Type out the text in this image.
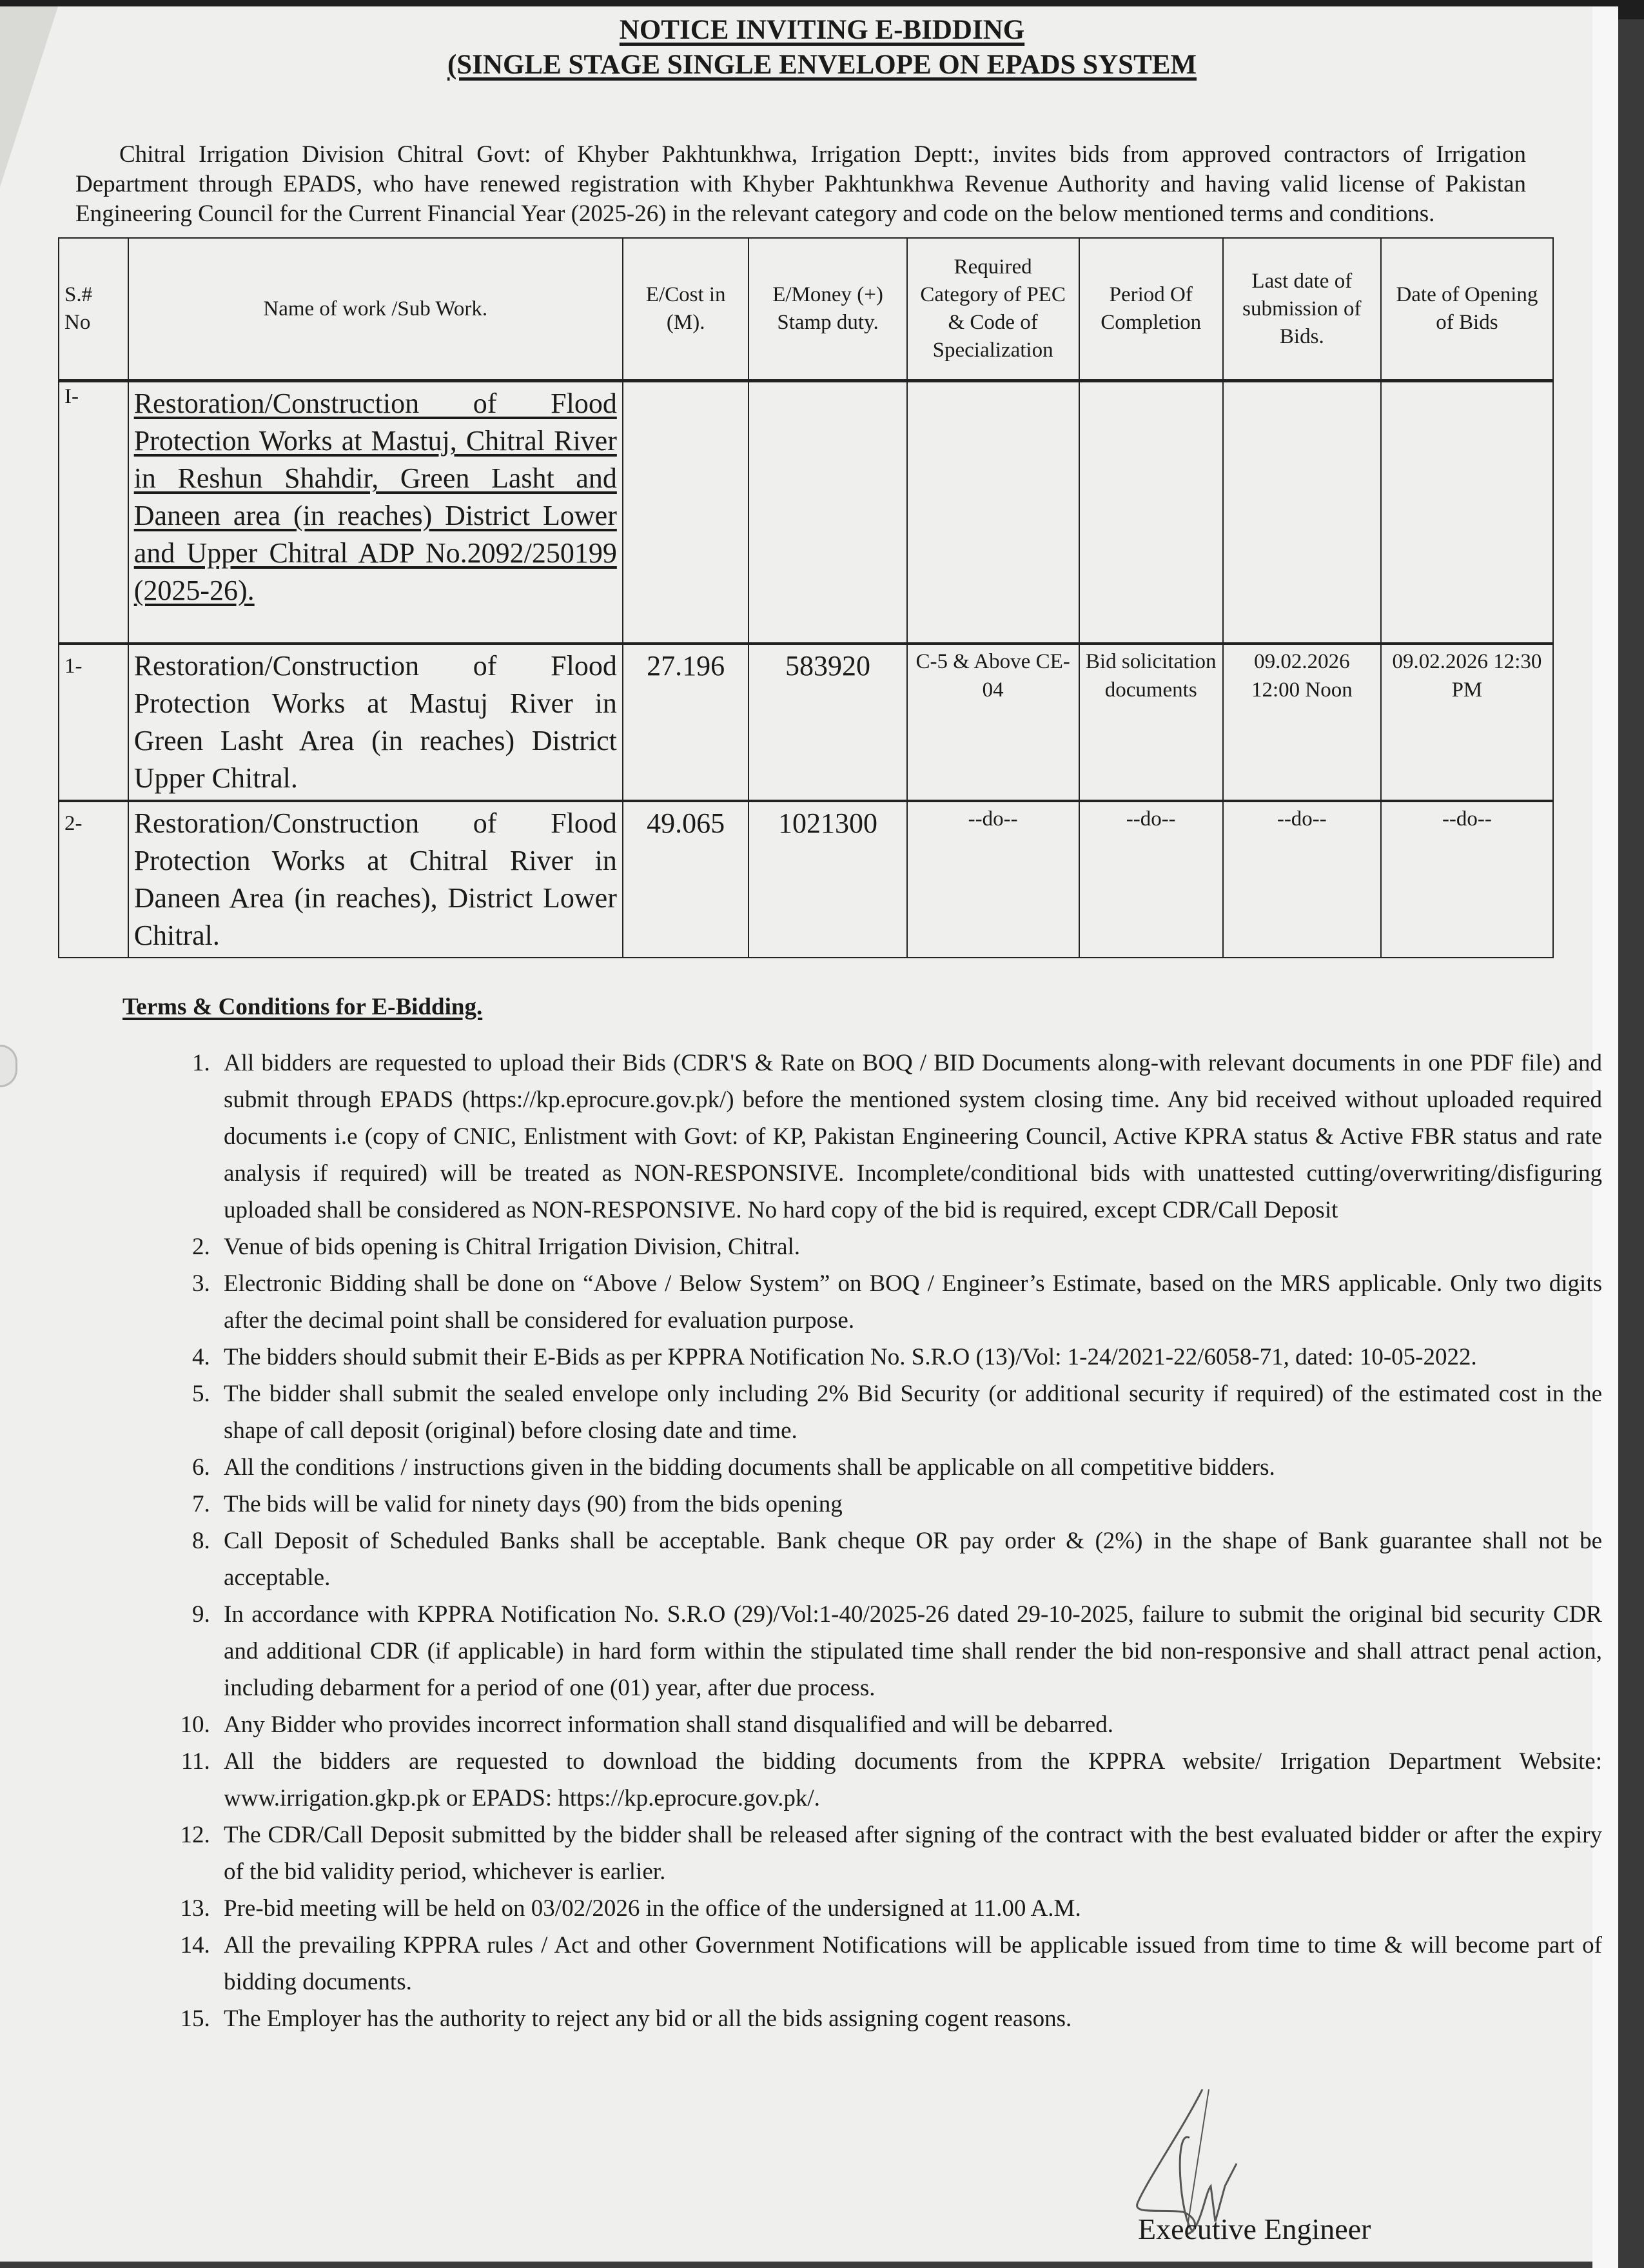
NOTICE INVITING E-BIDDING
(SINGLE STAGE SINGLE ENVELOPE ON EPADS SYSTEM

Chitral Irrigation Division Chitral Govt: of Khyber Pakhtunkhwa, Irrigation Deptt:, invites bids from approved contractors of Irrigation Department through EPADS, who have renewed registration with Khyber Pakhtunkhwa Revenue Authority and having valid license of Pakistan Engineering Council for the Current Financial Year (2025-26) in the relevant category and code on the below mentioned terms and conditions.

S.# No	Name of work /Sub Work.	E/Cost in (M).	E/Money (+) Stamp duty.	Required Category of PEC & Code of Specialization	Period Of Completion	Last date of submission of Bids.	Date of Opening of Bids
I-	Restoration/Construction of Flood Protection Works at Mastuj, Chitral River in Reshun Shahdir, Green Lasht and Daneen area (in reaches) District Lower and Upper Chitral ADP No.2092/250199 (2025-26).						
1-	Restoration/Construction of Flood Protection Works at Mastuj River in Green Lasht Area (in reaches) District Upper Chitral.	27.196	583920	C-5 & Above CE-04	Bid solicitation documents	09.02.2026 12:00 Noon	09.02.2026 12:30 PM
2-	Restoration/Construction of Flood Protection Works at Chitral River in Daneen Area (in reaches), District Lower Chitral.	49.065	1021300	--do--	--do--	--do--	--do--
Terms & Conditions for E-Bidding.
1. All bidders are requested to upload their Bids (CDR'S & Rate on BOQ / BID Documents along-with relevant documents in one PDF file) and submit through EPADS (https://kp.eprocure.gov.pk/) before the mentioned system closing time. Any bid received without uploaded required documents i.e (copy of CNIC, Enlistment with Govt: of KP, Pakistan Engineering Council, Active KPRA status & Active FBR status and rate analysis if required) will be treated as NON-RESPONSIVE. Incomplete/conditional bids with unattested cutting/overwriting/disfiguring uploaded shall be considered as NON-RESPONSIVE. No hard copy of the bid is required, except CDR/Call Deposit
2. Venue of bids opening is Chitral Irrigation Division, Chitral.
3. Electronic Bidding shall be done on “Above / Below System” on BOQ / Engineer’s Estimate, based on the MRS applicable. Only two digits after the decimal point shall be considered for evaluation purpose.
4. The bidders should submit their E-Bids as per KPPRA Notification No. S.R.O (13)/Vol: 1-24/2021-22/6058-71, dated: 10-05-2022.
5. The bidder shall submit the sealed envelope only including 2% Bid Security (or additional security if required) of the estimated cost in the shape of call deposit (original) before closing date and time.
6. All the conditions / instructions given in the bidding documents shall be applicable on all competitive bidders.
7. The bids will be valid for ninety days (90) from the bids opening
8. Call Deposit of Scheduled Banks shall be acceptable. Bank cheque OR pay order & (2%) in the shape of Bank guarantee shall not be acceptable.
9. In accordance with KPPRA Notification No. S.R.O (29)/Vol:1-40/2025-26 dated 29-10-2025, failure to submit the original bid security CDR and additional CDR (if applicable) in hard form within the stipulated time shall render the bid non-responsive and shall attract penal action, including debarment for a period of one (01) year, after due process.
10. Any Bidder who provides incorrect information shall stand disqualified and will be debarred.
11. All the bidders are requested to download the bidding documents from the KPPRA website/ Irrigation Department Website: www.irrigation.gkp.pk or EPADS: https://kp.eprocure.gov.pk/.
12. The CDR/Call Deposit submitted by the bidder shall be released after signing of the contract with the best evaluated bidder or after the expiry of the bid validity period, whichever is earlier.
13. Pre-bid meeting will be held on 03/02/2026 in the office of the undersigned at 11.00 A.M.
14. All the prevailing KPPRA rules / Act and other Government Notifications will be applicable issued from time to time & will become part of bidding documents.
15. The Employer has the authority to reject any bid or all the bids assigning cogent reasons.
Executive Engineer
